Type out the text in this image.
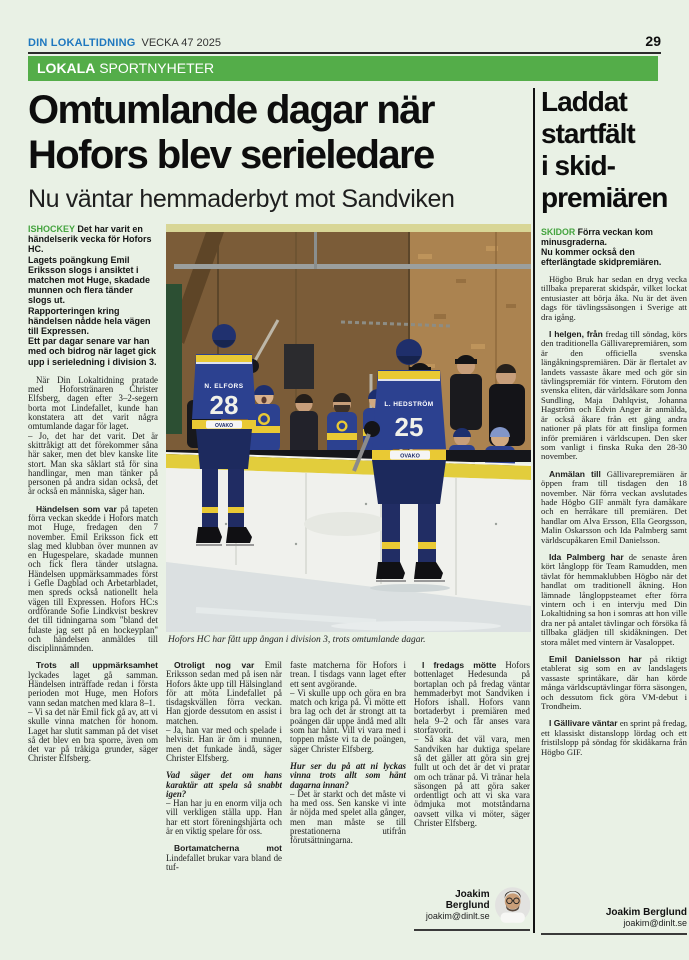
DIN LOKALTIDNING VECKA 47 2025	29
LOKALA SPORTNYHETER
Omtumlande dagar när
Hofors blev serieledare
Nu väntar hemmaderbyt mot Sandviken

ISHOCKEY Det har varit en händelserik vecka för Hofors HC.

Lagets poängkung Emil Eriksson slogs i ansiktet i matchen mot Huge, skadade munnen och flera tänder slogs ut.

Rapporteringen kring händelsen nådde hela vägen till Expressen.

Ett par dagar senare var han med och bidrog när laget gick upp i serieledning i division 3.

När Din Lokaltidning pratade med Hoforstränaren Christer Elfsberg, dagen efter 3–2-segern borta mot Lindefallet, kunde han konstatera att det varit några omtumlande dagar för laget.

– Jo, det har det varit. Det är skittråkigt att det förekommer såna här saker, men det blev kanske lite stort. Man ska såklart stå för sina handlingar, men man tänker på personen på andra sidan också, det är också en människa, säger han.

Händelsen som var på tapeten förra veckan skedde i Hofors match mot Huge, fredagen den 7 november. Emil Eriksson fick ett slag med klubban över munnen av en Hugespelare, skadade munnen och fick flera tänder utslagna. Händelsen uppmärksammades först i Gefle Dagblad och Arbetarbladet, men spreds också nationellt hela vägen till Expressen. Hofors HC:s ordförande Sofie Lindkvist beskrev det till tidningarna som "bland det fulaste jag sett på en hockeyplan" och händelsen anmäldes till disciplinnämnden.

Trots all uppmärksamhet lyckades laget gå samman. Händelsen inträffade redan i första perioden mot Huge, men Hofors vann sedan matchen med klara 8–1.

– Vi sa det när Emil fick gå av, att vi skulle vinna matchen för honom. Laget har slutit samman på det viset så det blev en bra sporre, även om det var på tråkiga grunder, säger Christer Elfsberg.

N. ELFORS
28
OVAKO
L. HEDSTRÖM
25
OVAKO
Hofors HC har fått upp ångan i division 3, trots omtumlande dagar.

Otroligt nog var Emil Eriksson sedan med på isen när Hofors åkte upp till Hälsingland för att möta Lindefallet på tisdagskvällen förra veckan. Han gjorde dessutom en assist i matchen.

– Ja, han var med och spelade i helvisir. Han är öm i munnen, men det funkade ändå, säger Christer Elfsberg.

Vad säger det om hans karaktär att spela så snabbt igen?

– Han har ju en enorm vilja och vill verkligen ställa upp. Han har ett stort föreningshjärta och är en viktig spelare för oss.

Bortamatcherna mot Lindefallet brukar vara bland de tuf-

faste matcherna för Hofors i trean. I tisdags vann laget efter ett sent avgörande.

– Vi skulle upp och göra en bra match och kriga på. Vi mötte ett bra lag och det är strongt att ta poängen där uppe ändå med allt som har hänt. Vill vi vara med i toppen måste vi ta de poängen, säger Christer Elfsberg.

Hur ser du på att ni lyckas vinna trots allt som hänt dagarna innan?

– Det är starkt och det måste vi ha med oss. Sen kanske vi inte är nöjda med spelet alla gånger, men man måste se till prestationerna utifrån förutsättningarna.

I fredags mötte Hofors bottenlaget Hedesunda på bortaplan och på fredag väntar hemmaderbyt mot Sandviken i Hofors ishall. Hofors vann bortaderbyt i premiären med hela 9–2 och får anses vara storfavorit.

– Så ska det väl vara, men Sandviken har duktiga spelare så det gäller att göra sin grej fullt ut och det är det vi pratar om och tränar på. Vi tränar hela säsongen på att göra saker ordentligt och att vi ska vara ödmjuka mot motståndarna oavsett vilka vi möter, säger Christer Elfsberg.

Joakim Berglund
joakim@dinlt.se
Laddat
startfält
i skid-
premiären

SKIDOR Förra veckan kom minusgraderna.

Nu kommer också den efterlängtade skidpremiären.

Högbo Bruk har sedan en dryg vecka tillbaka preparerat skidspår, vilket lockat entusiaster att börja åka. Nu är det även dags för tävlingssäsongen i Sverige att dra igång.

I helgen, från fredag till söndag, körs den traditionella Gällivarepremiären, som är den officiella svenska längåkningspremiären. Där är flertalet av landets vassaste åkare med och gör sin tävlingspremiär för vintern. Förutom den svenska eliten, där världsåkare som Jonna Sundling, Maja Dahlqvist, Johanna Hagström och Edvin Anger är anmälda, är också åkare från ett gäng andra nationer på plats för att finslipa formen inför premiären i världscupen. Den sker som vanligt i finska Ruka den 28-30 november.

Anmälan till Gällivarepremiären är öppen fram till tisdagen den 18 november. När förra veckan avslutades hade Högbo GIF anmält fyra damåkare och en herråkare till premiären. Det handlar om Alva Ersson, Ella Georgsson, Malin Oskarsson och Ida Palmberg samt världscupåkaren Emil Danielsson.

Ida Palmberg har de senaste åren kört långlopp för Team Ramudden, men tävlat för hemmaklubben Högbo när det handlat om traditionell åkning. Hon lämnade långloppsteamet efter förra vintern och i en intervju med Din Lokaltidning sa hon i somras att hon ville dra ner på antalet tävlingar och försöka få tillbaka glädjen till skidåkningen. Det stora målet med vintern är Vasaloppet.

Emil Danielsson har på riktigt etablerat sig som en av landslagets vassaste sprintåkare, där han körde många världscuptävlingar förra säsongen, och dessutom fick göra VM-debut i Trondheim.

I Gällivare väntar en sprint på fredag, ett klassiskt distanslopp lördag och ett fristilslopp på söndag för skidåkarna från Högbo GIF.

Joakim Berglund
joakim@dinlt.se
